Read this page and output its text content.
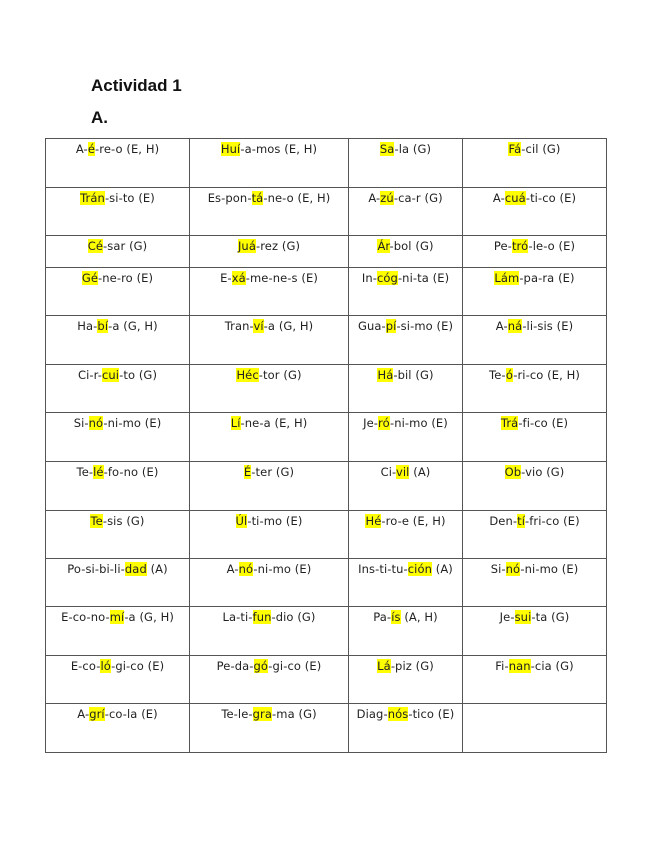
Actividad 1
A.
A-é-re-o (E, H)	Huí-a-mos (E, H)	Sa-la (G)	Fá-cil (G)
Trán-si-to (E)	Es-pon-tá-ne-o (E, H)	A-zú-ca-r (G)	A-cuá-ti-co (E)
Cé-sar (G)	Juá-rez (G)	Ár-bol (G)	Pe-tró-le-o (E)
Gé-ne-ro (E)	E-xá-me-ne-s (E)	In-cóg-ni-ta (E)	Lám-pa-ra (E)
Ha-bí-a (G, H)	Tran-ví-a (G, H)	Gua-pí-si-mo (E)	A-ná-li-sis (E)
Ci-r-cui-to (G)	Héc-tor (G)	Há-bil (G)	Te-ó-ri-co (E, H)
Si-nó-ni-mo (E)	Lí-ne-a (E, H)	Je-ró-ni-mo (E)	Trá-fi-co (E)
Te-lé-fo-no (E)	É-ter (G)	Ci-vil (A)	Ob-vio (G)
Te-sis (G)	Úl-ti-mo (E)	Hé-ro-e (E, H)	Den-tí-fri-co (E)
Po-si-bi-li-dad (A)	A-nó-ni-mo (E)	Ins-ti-tu-ción (A)	Si-nó-ni-mo (E)
E-co-no-mí-a (G, H)	La-ti-fun-dio (G)	Pa-ís (A, H)	Je-sui-ta (G)
E-co-ló-gi-co (E)	Pe-da-gó-gi-co (E)	Lá-piz (G)	Fi-nan-cia (G)
A-grí-co-la (E)	Te-le-gra-ma (G)	Diag-nós-tico (E)	
